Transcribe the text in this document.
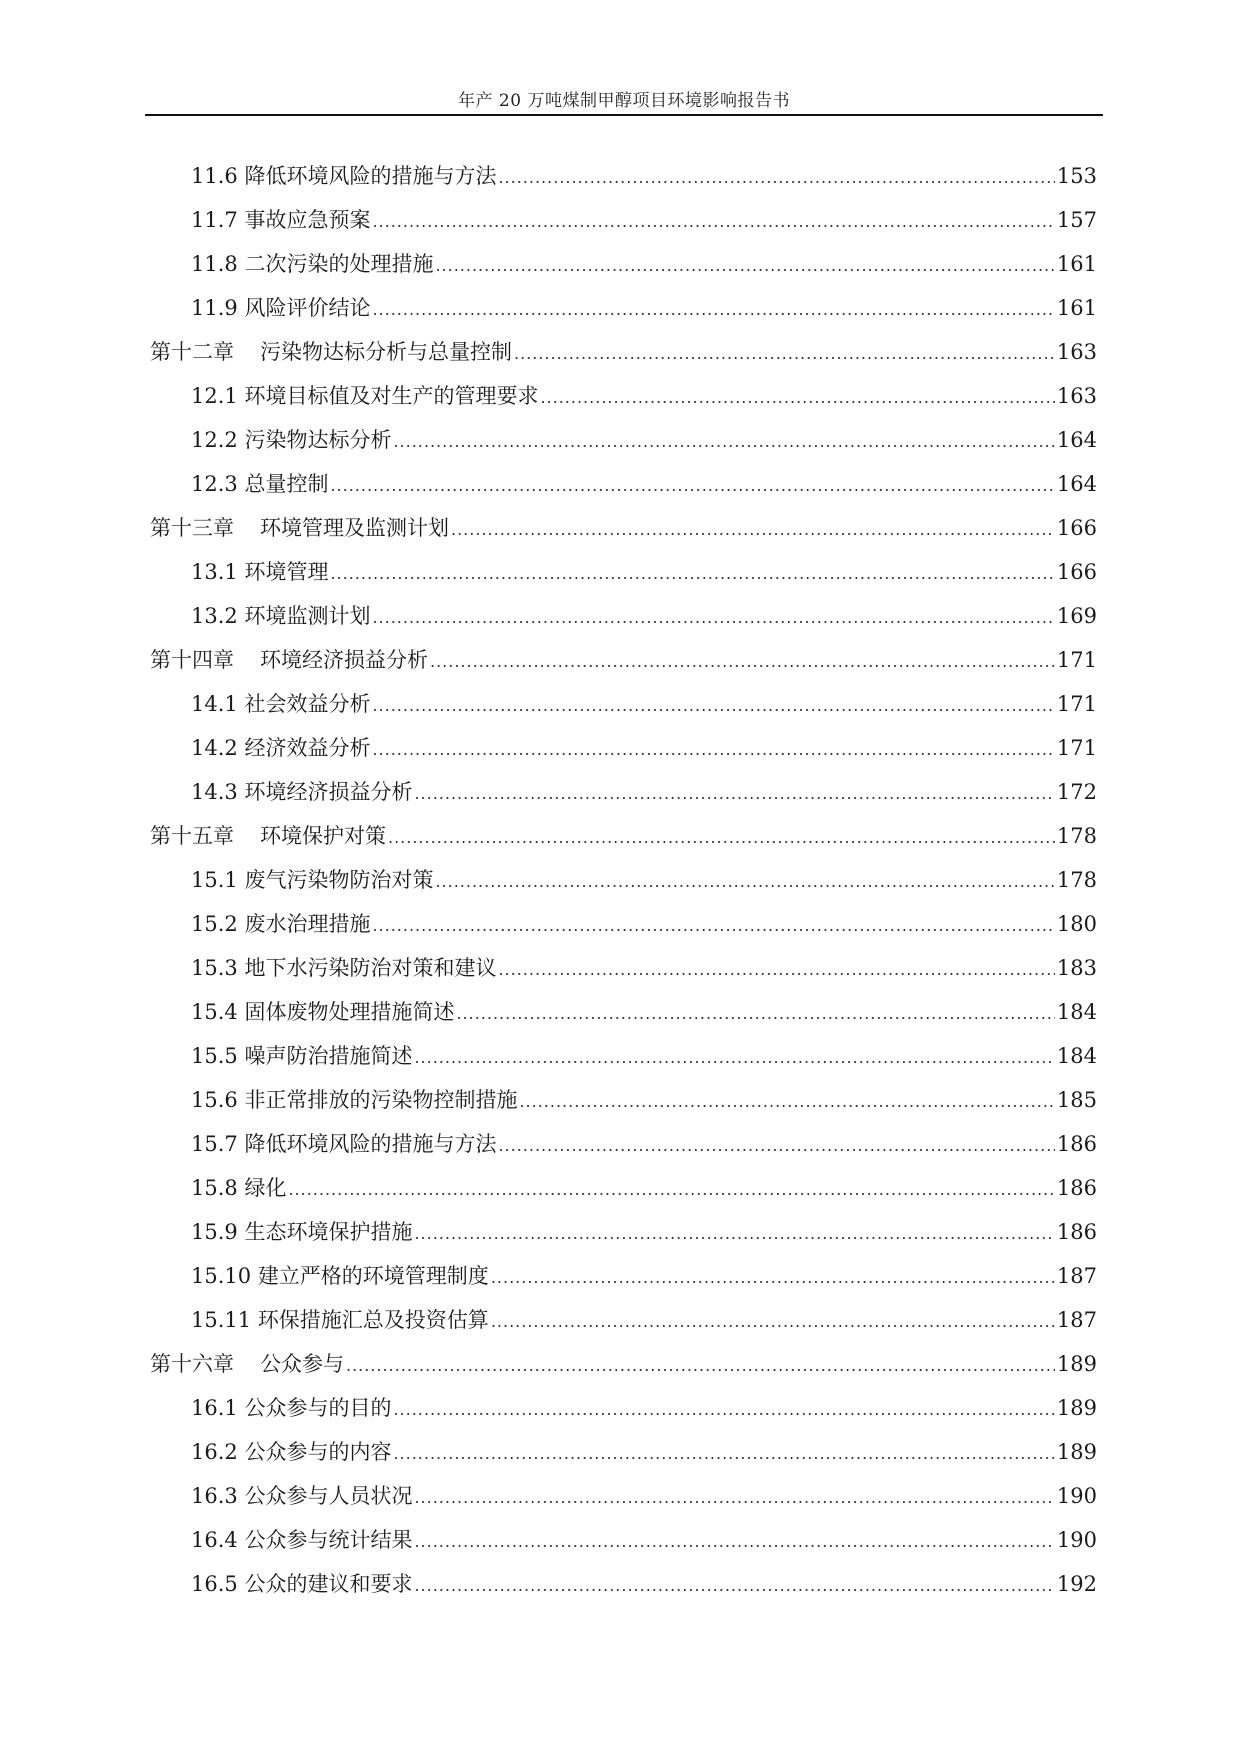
年产 20 万吨煤制甲醇项目环境影响报告书
11.6 降低环境风险的措施与方法 .....	153
11.7 事故应急预案 .....	157
11.8 二次污染的处理措施 .....	161
11.9 风险评价结论 .....	161
第十二章 污染物达标分析与总量控制 .....	163
12.1 环境目标值及对生产的管理要求 .....	163
12.2 污染物达标分析 .....	164
12.3 总量控制 .....	164
第十三章 环境管理及监测计划 .....	166
13.1 环境管理 .....	166
13.2 环境监测计划 .....	169
第十四章 环境经济损益分析 .....	171
14.1 社会效益分析 .....	171
14.2 经济效益分析 .....	171
14.3 环境经济损益分析 .....	172
第十五章 环境保护对策 .....	178
15.1 废气污染物防治对策 .....	178
15.2 废水治理措施 .....	180
15.3 地下水污染防治对策和建议 .....	183
15.4 固体废物处理措施简述 .....	184
15.5 噪声防治措施简述 .....	184
15.6 非正常排放的污染物控制措施 .....	185
15.7 降低环境风险的措施与方法 .....	186
15.8 绿化 .....	186
15.9 生态环境保护措施 .....	186
15.10 建立严格的环境管理制度 .....	187
15.11 环保措施汇总及投资估算 .....	187
第十六章 公众参与 .....	189
16.1 公众参与的目的 .....	189
16.2 公众参与的内容 .....	189
16.3 公众参与人员状况 .....	190
16.4 公众参与统计结果 .....	190
16.5 公众的建议和要求 .....	192
